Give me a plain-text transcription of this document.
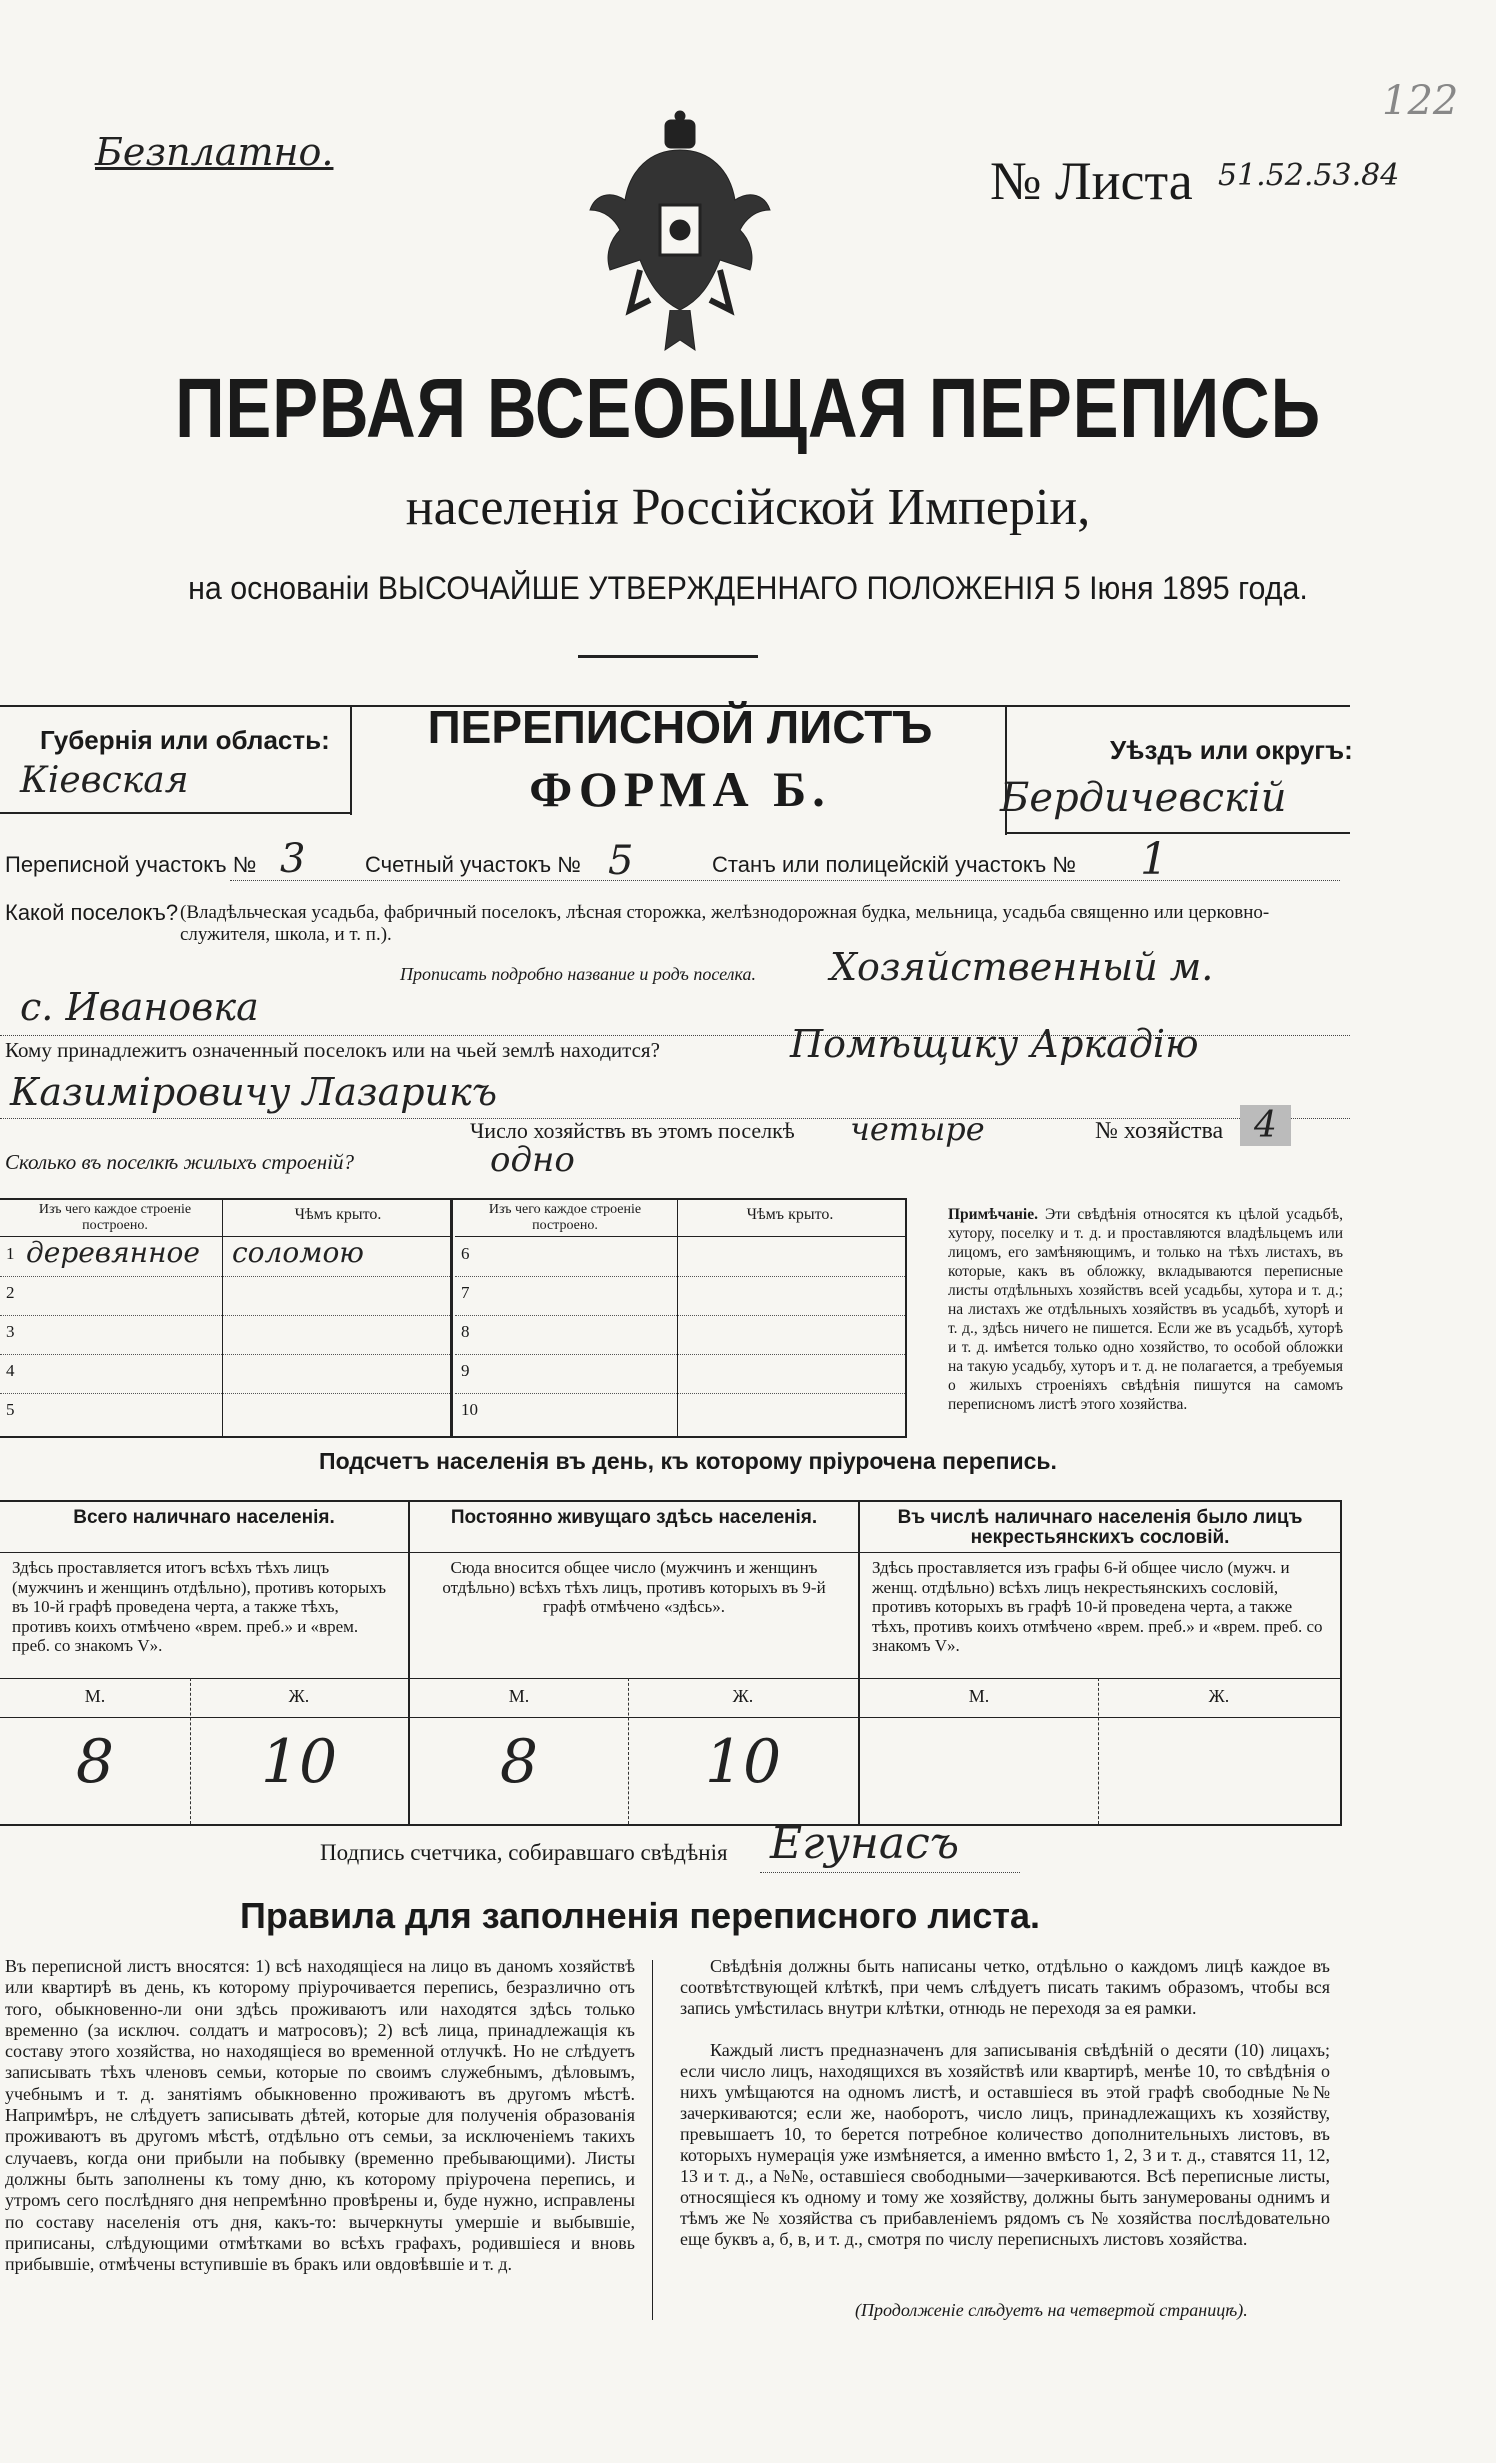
Безплатно.	№ Листа 51.52.53.84
122
ПЕРВАЯ ВСЕОБЩАЯ ПЕРЕПИСЬ
населенія Россійской Имперіи,
на основаніи ВЫСОЧАЙШЕ УТВЕРЖДЕННАГО ПОЛОЖЕНІЯ 5 Іюня 1895 года.
Губернія или область:
Кіевская
ПЕРЕПИСНОЙ ЛИСТЪ
ФОРМА Б.
Уѣздъ или округъ:
Бердичевскій
Переписной участокъ № 3	Счетный участокъ № 5	Станъ или полицейскій участокъ № 1
Какой поселокъ? (Владѣльческая усадьба, фабричный поселокъ, лѣсная сторожка, желѣзнодорожная будка, мельница, усадьба священно или церковно-служителя, школа, и т. п.).
Прописать подробно название и родъ поселка. Хозяйственный м.
с. Ивановка
Кому принадлежитъ означенный поселокъ или на чьей землѣ находится?	Помѣщику Аркадію
Казиміровичу Лазарикъ
Число хозяйствъ въ этомъ поселкѣ четыре	№ хозяйства 4
Сколько въ поселкѣ жилыхъ строеній?	одно
Изъ чего каждое строеніе построено.
Чѣмъ крыто.
1 деревянное соломою
2
3
4
5
Изъ чего каждое строеніе построено.
Чѣмъ крыто.
6
7
8
9
10
Примѣчаніе. Эти свѣдѣнія относятся къ цѣлой усадьбѣ, хутору, поселку и т. д. и проставляются владѣльцемъ или лицомъ, его замѣняющимъ, и только на тѣхъ листахъ, въ которые, какъ въ обложку, вкладываются переписные листы отдѣльныхъ хозяйствъ всей усадьбы, хутора и т. д.; на листахъ же отдѣльныхъ хозяйствъ въ усадьбѣ, хуторѣ и т. д., здѣсь ничего не пишется. Если же въ усадьбѣ, хуторѣ и т. д. имѣется только одно хозяйство, то особой обложки на такую усадьбу, хуторъ и т. д. не полагается, а требуемыя о жилыхъ строеніяхъ свѣдѣнія пишутся на самомъ переписномъ листѣ этого хозяйства.
Подсчетъ населенія въ день, къ которому пріурочена перепись.
Всего наличнаго населенія.
Здѣсь проставляется итогъ всѣхъ тѣхъ лицъ (мужчинъ и женщинъ отдѣльно), противъ которыхъ въ 10-й графѣ проведена черта, а также тѣхъ, противъ коихъ отмѣчено «врем. преб.» и «врем. преб. со знакомъ V».
М.	Ж.
8	10
Постоянно живущаго здѣсь населенія.
Сюда вносится общее число (мужчинъ и женщинъ отдѣльно) всѣхъ тѣхъ лицъ, противъ которыхъ въ 9-й графѣ отмѣчено «здѣсь».
М.	Ж.
8	10
Въ числѣ наличнаго населенія было лицъ некрестьянскихъ сословій.
Здѣсь проставляется изъ графы 6-й общее число (мужч. и женщ. отдѣльно) всѣхъ лицъ некрестьянскихъ сословій, противъ которыхъ въ графѣ 10-й проведена черта, а также тѣхъ, противъ коихъ отмѣчено «врем. преб.» и «врем. преб. со знакомъ V».
М.	Ж.
Подпись счетчика, собиравшаго свѣдѣнія Егунасъ
Правила для заполненія переписного листа.
Въ переписной листъ вносятся: 1) всѣ находящіеся на лицо въ даномъ хозяйствѣ или квартирѣ въ день, къ которому пріурочивается перепись, безразлично отъ того, обыкновенно-ли они здѣсь проживаютъ или находятся здѣсь только временно (за исключ. солдатъ и матросовъ); 2) всѣ лица, принадлежащія къ составу этого хозяйства, но находящіеся во временной отлучкѣ. Но не слѣдуетъ записывать тѣхъ членовъ семьи, которые по своимъ служебнымъ, дѣловымъ, учебнымъ и т. д. занятіямъ обыкновенно проживаютъ въ другомъ мѣстѣ. Напримѣръ, не слѣдуетъ записывать дѣтей, которые для полученія образованія проживаютъ въ другомъ мѣстѣ, отдѣльно отъ семьи, за исключеніемъ такихъ случаевъ, когда они прибыли на побывку (временно пребывающими). Листы должны быть заполнены къ тому дню, къ которому пріурочена перепись, и утромъ сего послѣдняго дня непремѣнно провѣрены и, буде нужно, исправлены по составу населенія отъ дня, какъ-то: вычеркнуты умершіе и выбывшіе, приписаны, слѣдующими отмѣтками во всѣхъ графахъ, родившіеся и вновь прибывшіе, отмѣчены вступившіе въ бракъ или овдовѣвшіе и т. д.
Свѣдѣнія должны быть написаны четко, отдѣльно о каждомъ лицѣ каждое въ соотвѣтствующей клѣткѣ, при чемъ слѣдуетъ писать такимъ образомъ, чтобы вся запись умѣстилась внутри клѣтки, отнюдь не переходя за ея рамки.
Каждый листъ предназначенъ для записыванія свѣдѣній о десяти (10) лицахъ; если число лицъ, находящихся въ хозяйствѣ или квартирѣ, менѣе 10, то свѣдѣнія о нихъ умѣщаются на одномъ листѣ, и оставшіеся въ этой графѣ свободные №№ зачеркиваются; если же, наоборотъ, число лицъ, принадлежащихъ къ хозяйству, превышаетъ 10, то берется потребное количество дополнительныхъ листовъ, въ которыхъ нумерація уже измѣняется, а именно вмѣсто 1, 2, 3 и т. д., ставятся 11, 12, 13 и т. д., а №№, оставшіеся свободными—зачеркиваются. Всѣ переписные листы, относящіеся къ одному и тому же хозяйству, должны быть занумерованы однимъ и тѣмъ же № хозяйства съ прибавленіемъ рядомъ съ № хозяйства послѣдовательно еще буквъ а, б, в, и т. д., смотря по числу переписныхъ листовъ хозяйства.
(Продолженіе слѣдуетъ на четвертой страницѣ).
